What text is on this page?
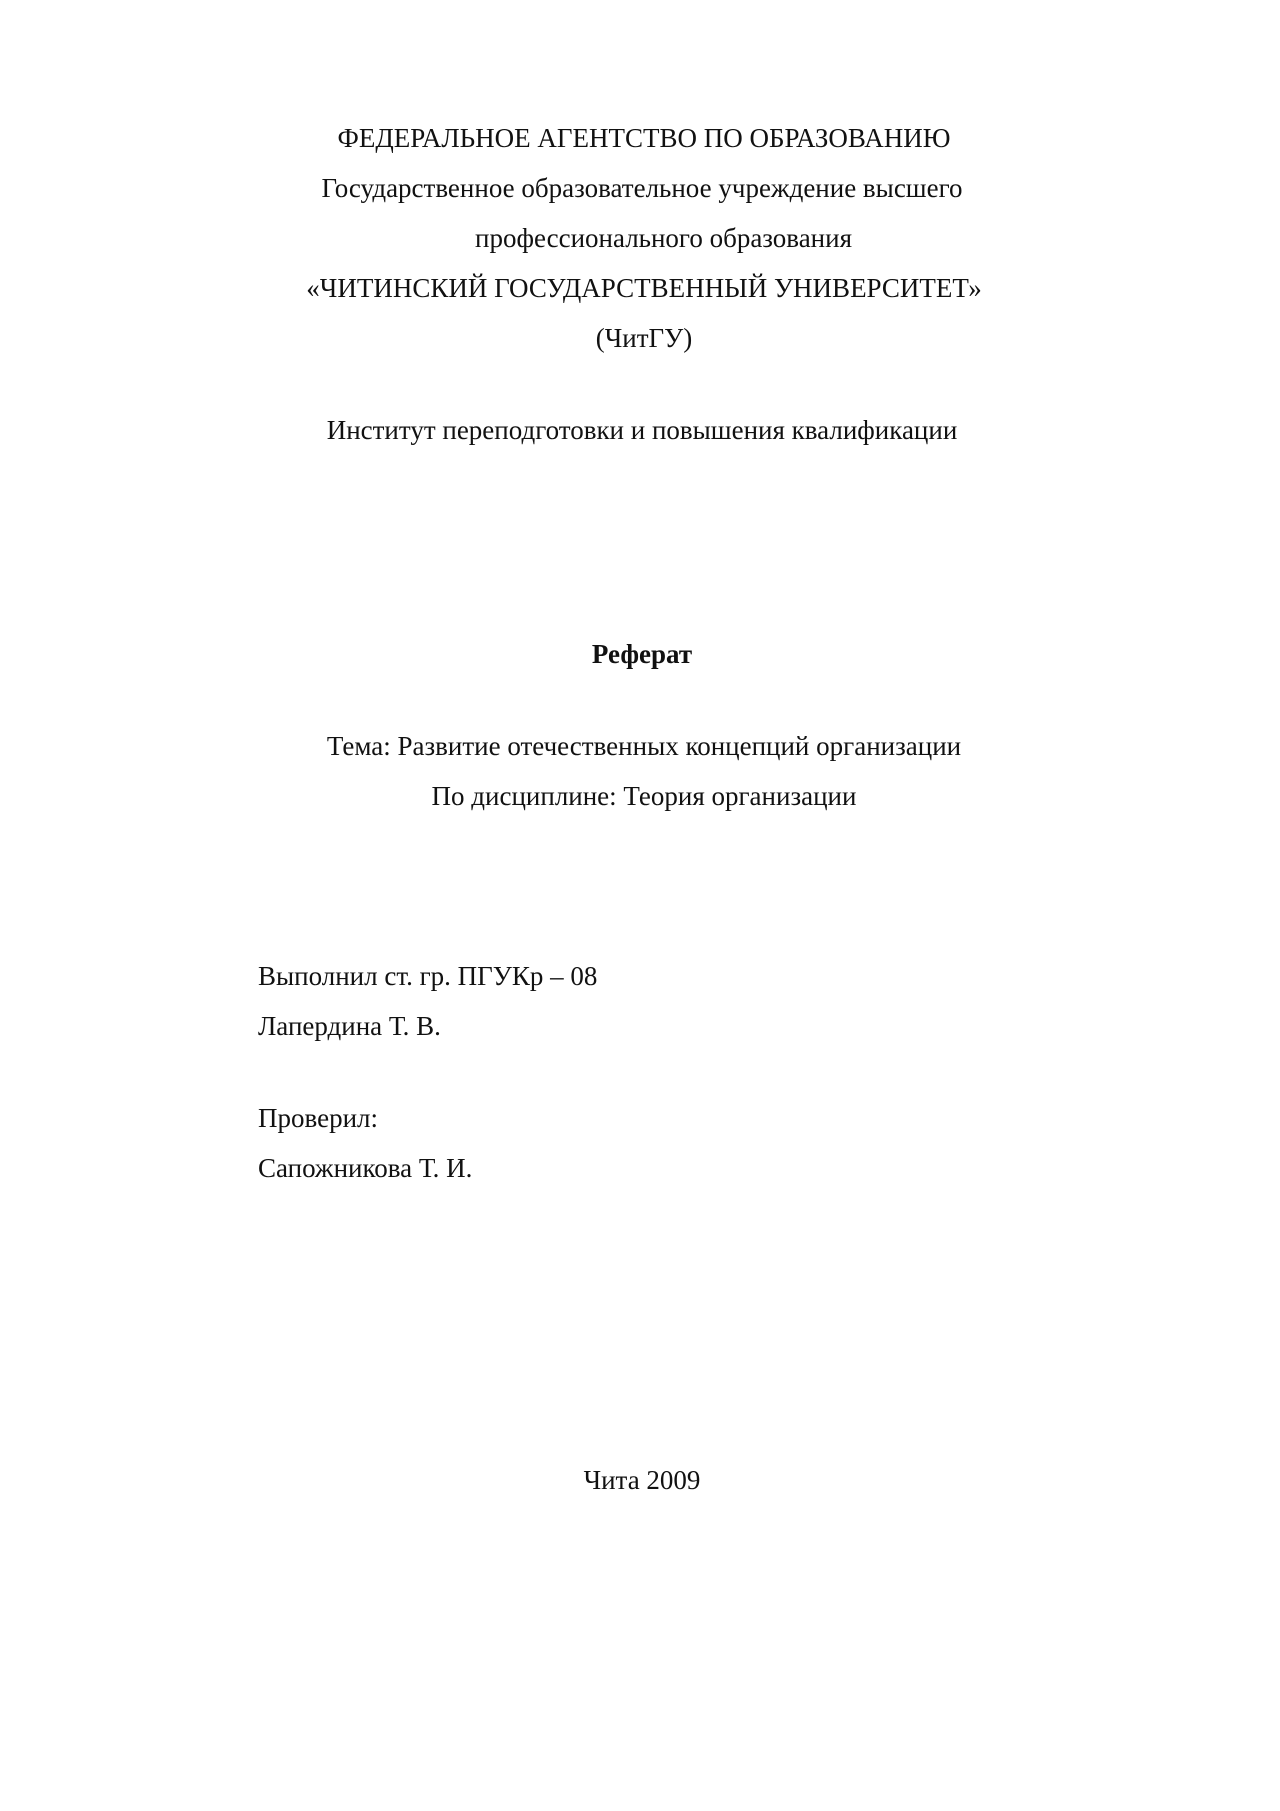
ФЕДЕРАЛЬНОЕ АГЕНТСТВО ПО ОБРАЗОВАНИЮ
Государственное образовательное учреждение высшего
профессионального образования
«ЧИТИНСКИЙ ГОСУДАРСТВЕННЫЙ УНИВЕРСИТЕТ»
(ЧитГУ)
Институт переподготовки и повышения квалификации
Реферат
Тема: Развитие отечественных концепций организации
По дисциплине: Теория организации
Выполнил ст. гр. ПГУКр – 08
Лапердина Т. В.
Проверил:
Сапожникова Т. И.
Чита 2009
